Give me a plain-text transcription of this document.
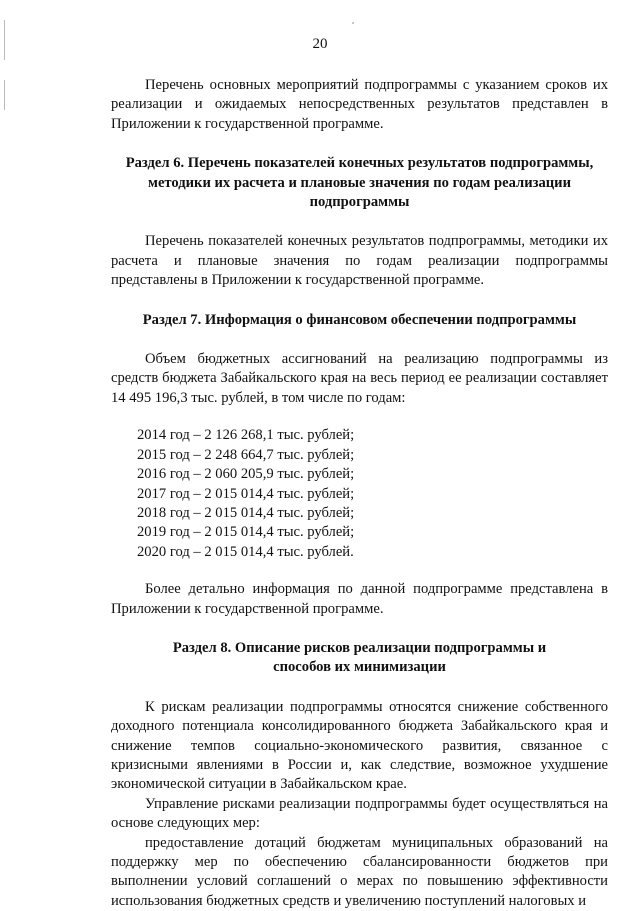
20

Перечень основных мероприятий подпрограммы с указанием сроков их реализации и ожидаемых непосредственных результатов представлен в Приложении к государственной программе.

Раздел 6. Перечень показателей конечных результатов подпрограммы,
методики их расчета и плановые значения по годам реализации
подпрограммы

Перечень показателей конечных результатов подпрограммы, методики их расчета и плановые значения по годам реализации подпрограммы представлены в Приложении к государственной программе.

Раздел 7. Информация о финансовом обеспечении подпрограммы

Объем бюджетных ассигнований на реализацию подпрограммы из средств бюджета Забайкальского края на весь период ее реализации составляет 14 495 196,3 тыс. рублей, в том числе по годам:

2014 год – 2 126 268,1 тыс. рублей;
2015 год – 2 248 664,7 тыс. рублей;
2016 год – 2 060 205,9 тыс. рублей;
2017 год – 2 015 014,4 тыс. рублей;
2018 год – 2 015 014,4 тыс. рублей;
2019 год – 2 015 014,4 тыс. рублей;
2020 год – 2 015 014,4 тыс. рублей.

Более детально информация по данной подпрограмме представлена в Приложении к государственной программе.

Раздел 8. Описание рисков реализации подпрограммы и
способов их минимизации

К рискам реализации подпрограммы относятся снижение собственного доходного потенциала консолидированного бюджета Забайкальского края и снижение темпов социально-экономического развития, связанное с кризисными явлениями в России и, как следствие, возможное ухудшение экономической ситуации в Забайкальском крае.

Управление рисками реализации подпрограммы будет осуществляться на основе следующих мер:

предоставление дотаций бюджетам муниципальных образований на поддержку мер по обеспечению сбалансированности бюджетов при выполнении условий соглашений о мерах по повышению эффективности использования бюджетных средств и увеличению поступлений налоговых и
